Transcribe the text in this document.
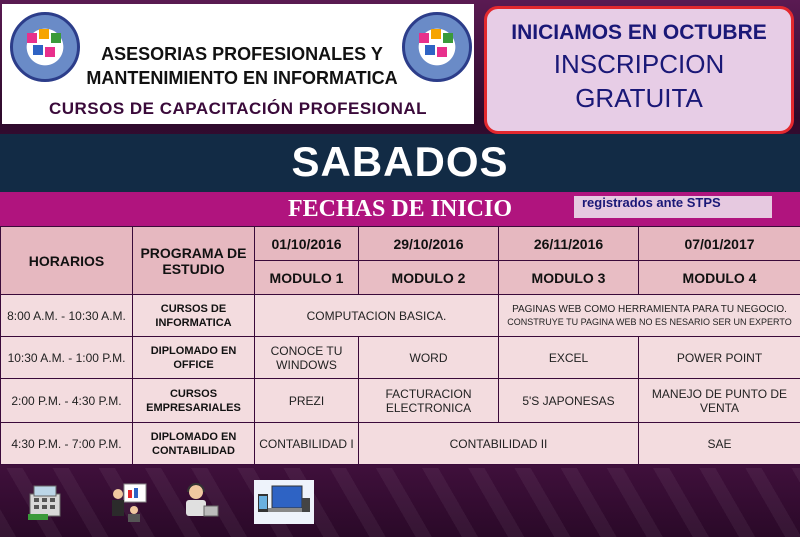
ASESORIAS PROFESIONALES Y
MANTENIMIENTO EN INFORMATICA
CURSOS DE CAPACITACIÓN PROFESIONAL
INICIAMOS EN OCTUBRE
INSCRIPCION
GRATUITA
SABADOS
FECHAS DE INICIO	registrados ante STPS
HORARIOS	PROGRAMA DE ESTUDIO	01/10/2016	29/10/2016	26/11/2016	07/01/2017
		MODULO 1	MODULO 2	MODULO 3	MODULO 4
8:00 A.M. - 10:30 A.M.	CURSOS DE INFORMATICA	COMPUTACION BASICA.		PAGINAS WEB COMO HERRAMIENTA PARA TU NEGOCIO.
CONSTRUYE TU PAGINA WEB NO ES NESARIO SER UN EXPERTO	

10:30 A.M. - 1:00 P.M.	DIPLOMADO EN OFFICE	CONOCE TU WINDOWS	WORD	EXCEL	POWER POINT
2:00 P.M. - 4:30 P.M.	CURSOS EMPRESARIALES	PREZI	FACTURACION ELECTRONICA	5'S JAPONESAS	MANEJO DE PUNTO DE VENTA
4:30 P.M. - 7:00 P.M.	DIPLOMADO EN CONTABILIDAD	CONTABILIDAD I	CONTABILIDAD II		SAE
